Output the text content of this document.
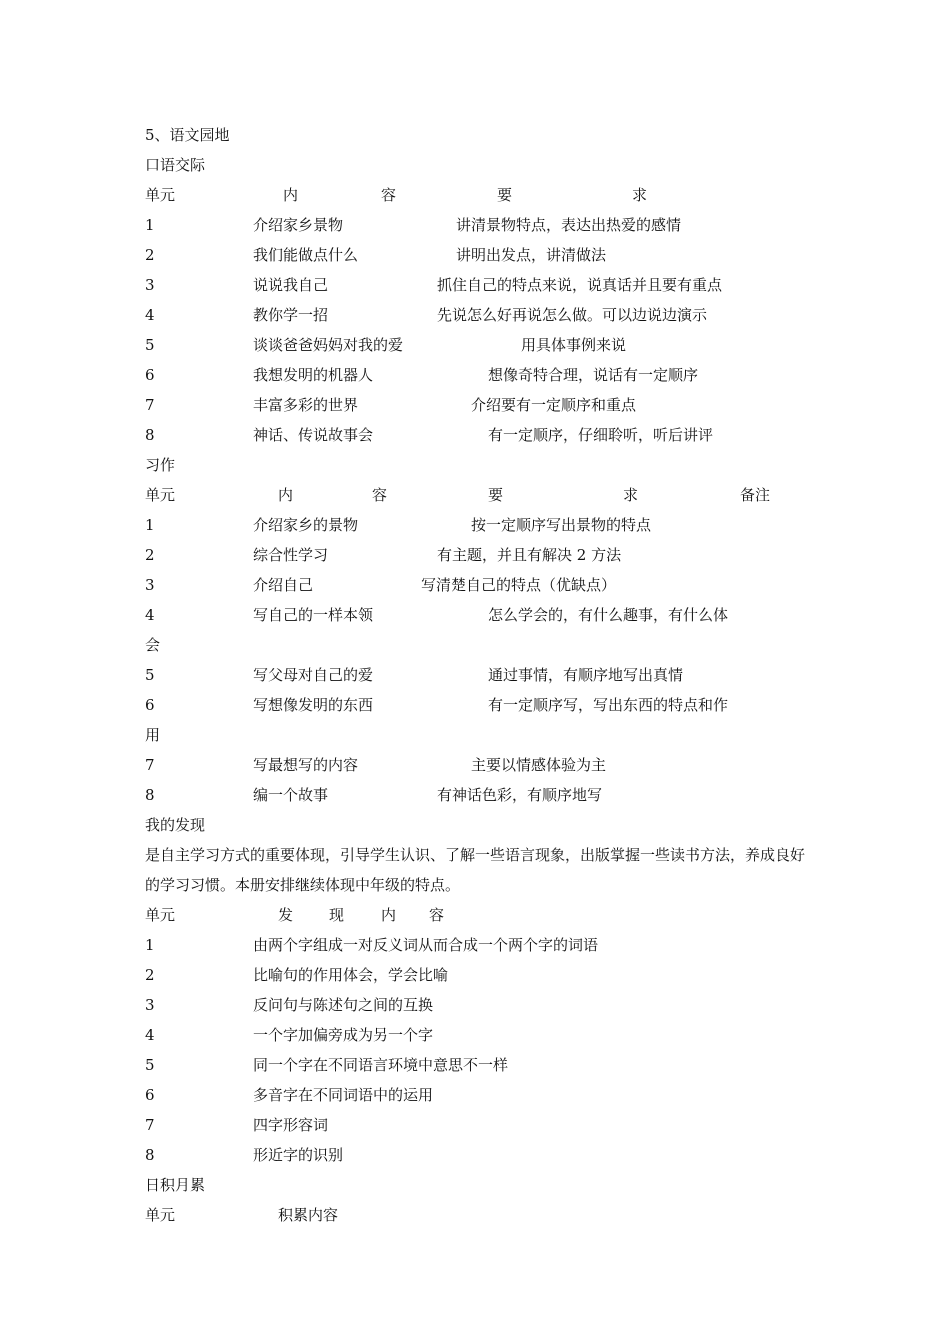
5、语文园地
口语交际
单元	内	容	要	求
1	介绍家乡景物	讲清景物特点，表达出热爱的感情
2	我们能做点什么	讲明出发点，讲清做法
3	说说我自己	抓住自己的特点来说，说真话并且要有重点
4	教你学一招	先说怎么好再说怎么做。可以边说边演示
5	谈谈爸爸妈妈对我的爱	用具体事例来说
6	我想发明的机器人	想像奇特合理，说话有一定顺序
7	丰富多彩的世界	介绍要有一定顺序和重点
8	神话、传说故事会	有一定顺序，仔细聆听，听后讲评
习作
单元	内	容	要	求	备注
1	介绍家乡的景物	按一定顺序写出景物的特点
2	综合性学习	有主题，并且有解决 2 方法
3	介绍自己	写清楚自己的特点（优缺点）
4	写自己的一样本领	怎么学会的，有什么趣事，有什么体
会
5	写父母对自己的爱	通过事情，有顺序地写出真情
6	写想像发明的东西	有一定顺序写，写出东西的特点和作
用
7	写最想写的内容	主要以情感体验为主
8	编一个故事	有神话色彩，有顺序地写
我的发现
是自主学习方式的重要体现，引导学生认识、了解一些语言现象，出版掌握一些读书方法，养成良好的学习习惯。本册安排继续体现中年级的特点。
单元	发 现 内 容
1	由两个字组成一对反义词从而合成一个两个字的词语
2	比喻句的作用体会，学会比喻
3	反问句与陈述句之间的互换
4	一个字加偏旁成为另一个字
5	同一个字在不同语言环境中意思不一样
6	多音字在不同词语中的运用
7	四字形容词
8	形近字的识别
日积月累
单元	积累内容
